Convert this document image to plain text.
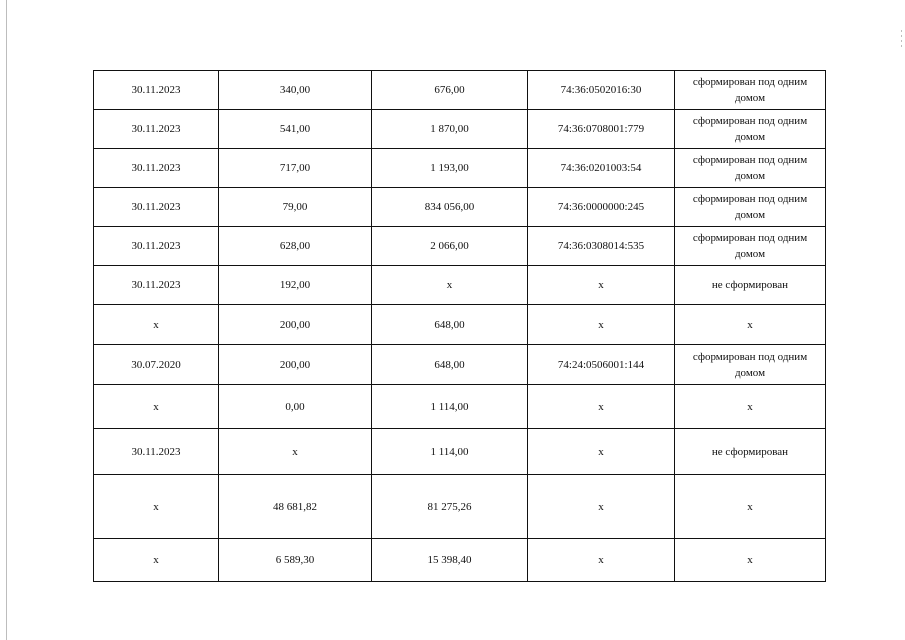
30.11.2023	340,00	676,00	74:36:0502016:30	сформирован под одним домом
30.11.2023	541,00	1 870,00	74:36:0708001:779	сформирован под одним домом
30.11.2023	717,00	1 193,00	74:36:0201003:54	сформирован под одним домом
30.11.2023	79,00	834 056,00	74:36:0000000:245	сформирован под одним домом
30.11.2023	628,00	2 066,00	74:36:0308014:535	сформирован под одним домом
30.11.2023	192,00	х	х	не сформирован
х	200,00	648,00	х	х
30.07.2020	200,00	648,00	74:24:0506001:144	сформирован под одним домом
х	0,00	1 114,00	х	х
30.11.2023	х	1 114,00	х	не сформирован
х	48 681,82	81 275,26	х	х
х	6 589,30	15 398,40	х	х
